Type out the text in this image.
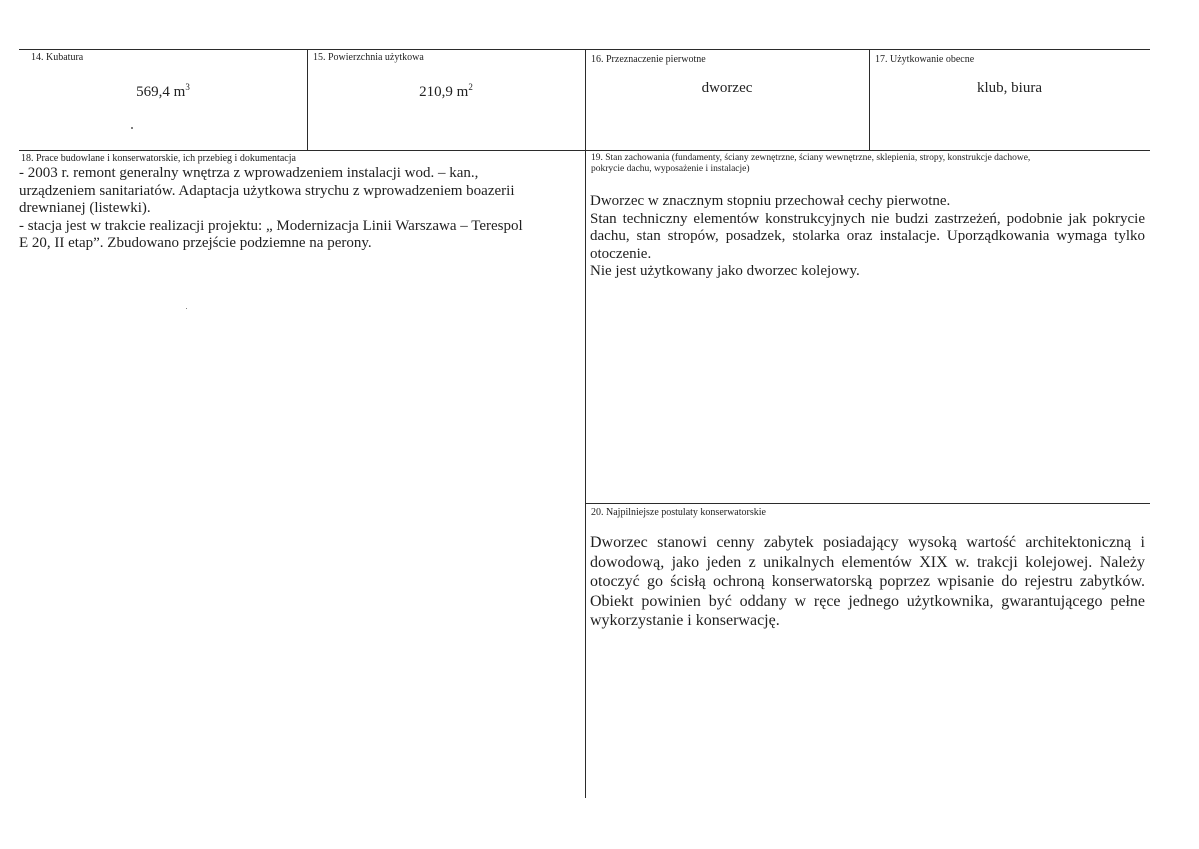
14. Kubatura
569,4 $m^3$
15. Powierzchnia użytkowa
210,9 $m^2$
16. Przeznaczenie pierwotne
dworzec
17. Użytkowanie obecne
klub, biura
18. Prace budowlane i konserwatorskie, ich przebieg i dokumentacja

- 2003 r. remont generalny wnętrza z wprowadzeniem instalacji wod. – kan.,

urządzeniem sanitariatów. Adaptacja użytkowa strychu z wprowadzeniem boazerii

drewnianej (listewki).

- stacja jest w trakcie realizacji projektu: „ Modernizacja Linii Warszawa – Terespol

E 20, II etap”. Zbudowano przejście podziemne na perony.

19. Stan zachowania (fundamenty, ściany zewnętrzne, ściany wewnętrzne, sklepienia, stropy, konstrukcje dachowe,
pokrycie dachu, wyposażenie i instalacje)

Dworzec w znacznym stopniu przechował cechy pierwotne.

Stan techniczny elementów konstrukcyjnych nie budzi zastrzeżeń, podobnie jak pokrycie dachu, stan stropów, posadzek, stolarka oraz instalacje. Uporządkowania wymaga tylko otoczenie.

Nie jest użytkowany jako dworzec kolejowy.

20. Najpilniejsze postulaty konserwatorskie

Dworzec stanowi cenny zabytek posiadający wysoką wartość architektoniczną i dowodową, jako jeden z unikalnych elementów XIX w. trakcji kolejowej. Należy otoczyć go ścisłą ochroną konserwatorską poprzez wpisanie do rejestru zabytków. Obiekt powinien być oddany w ręce jednego użytkownika, gwarantującego pełne wykorzystanie i konserwację.
